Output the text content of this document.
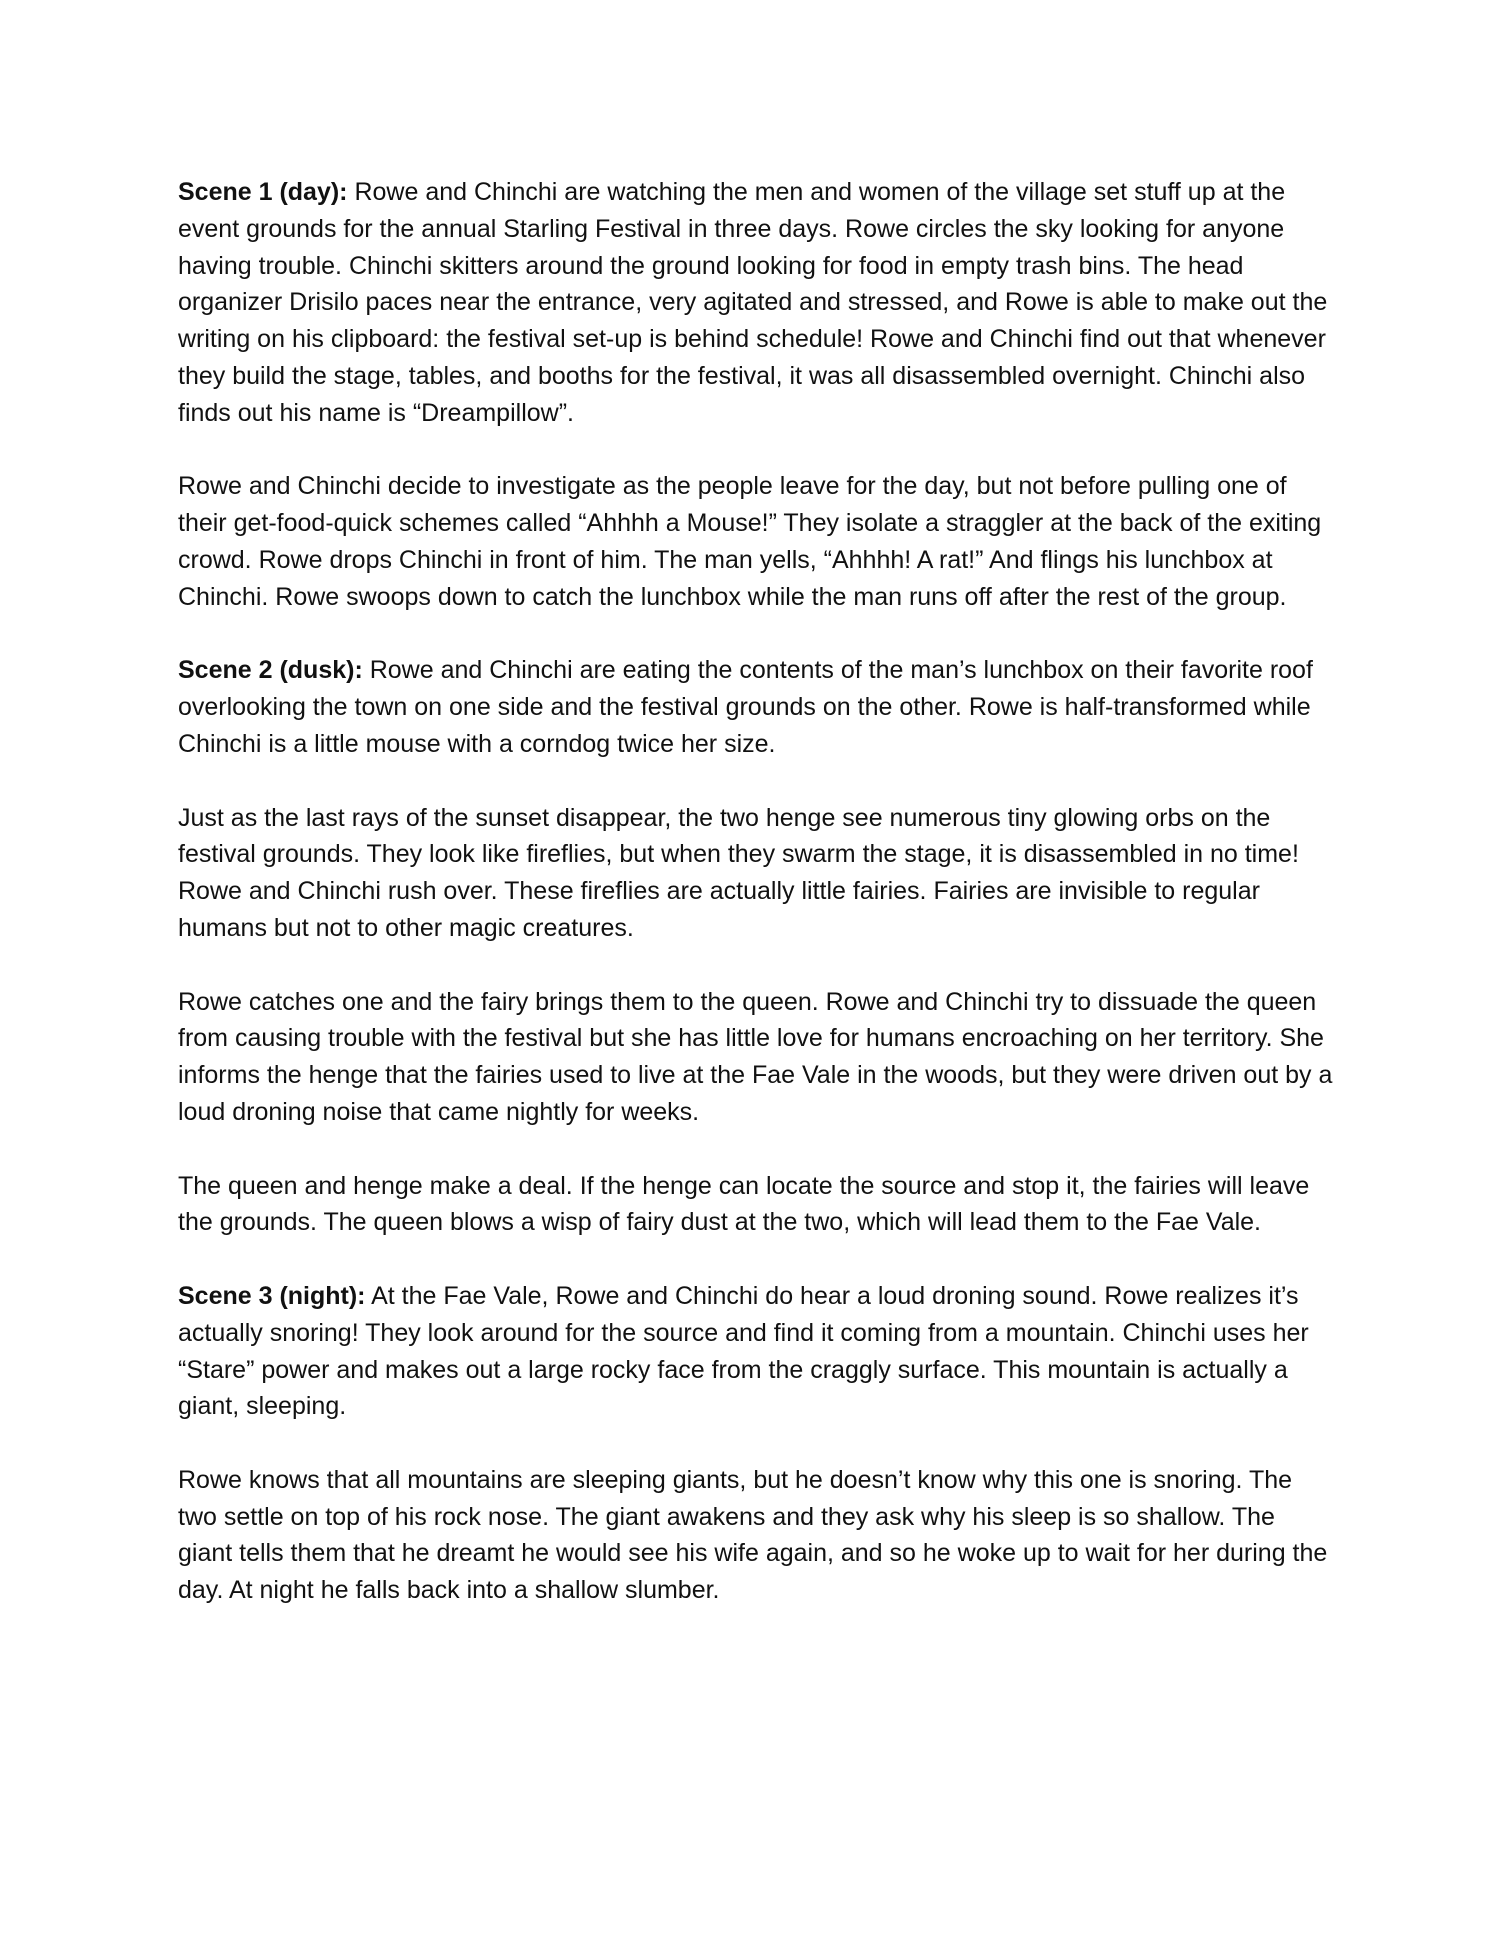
Scene 1 (day): Rowe and Chinchi are watching the men and women of the village set stuff up at the event grounds for the annual Starling Festival in three days. Rowe circles the sky looking for anyone having trouble. Chinchi skitters around the ground looking for food in empty trash bins. The head organizer Drisilo paces near the entrance, very agitated and stressed, and Rowe is able to make out the writing on his clipboard: the festival set-up is behind schedule! Rowe and Chinchi find out that whenever they build the stage, tables, and booths for the festival, it was all disassembled overnight. Chinchi also finds out his name is “Dreampillow”.

Rowe and Chinchi decide to investigate as the people leave for the day, but not before pulling one of their get-food-quick schemes called “Ahhhh a Mouse!” They isolate a straggler at the back of the exiting crowd. Rowe drops Chinchi in front of him. The man yells, “Ahhhh! A rat!” And flings his lunchbox at Chinchi. Rowe swoops down to catch the lunchbox while the man runs off after the rest of the group.

Scene 2 (dusk): Rowe and Chinchi are eating the contents of the man’s lunchbox on their favorite roof overlooking the town on one side and the festival grounds on the other. Rowe is half-transformed while Chinchi is a little mouse with a corndog twice her size.

Just as the last rays of the sunset disappear, the two henge see numerous tiny glowing orbs on the festival grounds. They look like fireflies, but when they swarm the stage, it is disassembled in no time! Rowe and Chinchi rush over. These fireflies are actually little fairies. Fairies are invisible to regular humans but not to other magic creatures.

Rowe catches one and the fairy brings them to the queen. Rowe and Chinchi try to dissuade the queen from causing trouble with the festival but she has little love for humans encroaching on her territory. She informs the henge that the fairies used to live at the Fae Vale in the woods, but they were driven out by a loud droning noise that came nightly for weeks.

The queen and henge make a deal. If the henge can locate the source and stop it, the fairies will leave the grounds. The queen blows a wisp of fairy dust at the two, which will lead them to the Fae Vale.

Scene 3 (night): At the Fae Vale, Rowe and Chinchi do hear a loud droning sound. Rowe realizes it’s actually snoring! They look around for the source and find it coming from a mountain. Chinchi uses her “Stare” power and makes out a large rocky face from the craggly surface. This mountain is actually a giant, sleeping.

Rowe knows that all mountains are sleeping giants, but he doesn’t know why this one is snoring. The two settle on top of his rock nose. The giant awakens and they ask why his sleep is so shallow. The giant tells them that he dreamt he would see his wife again, and so he woke up to wait for her during the day. At night he falls back into a shallow slumber.
